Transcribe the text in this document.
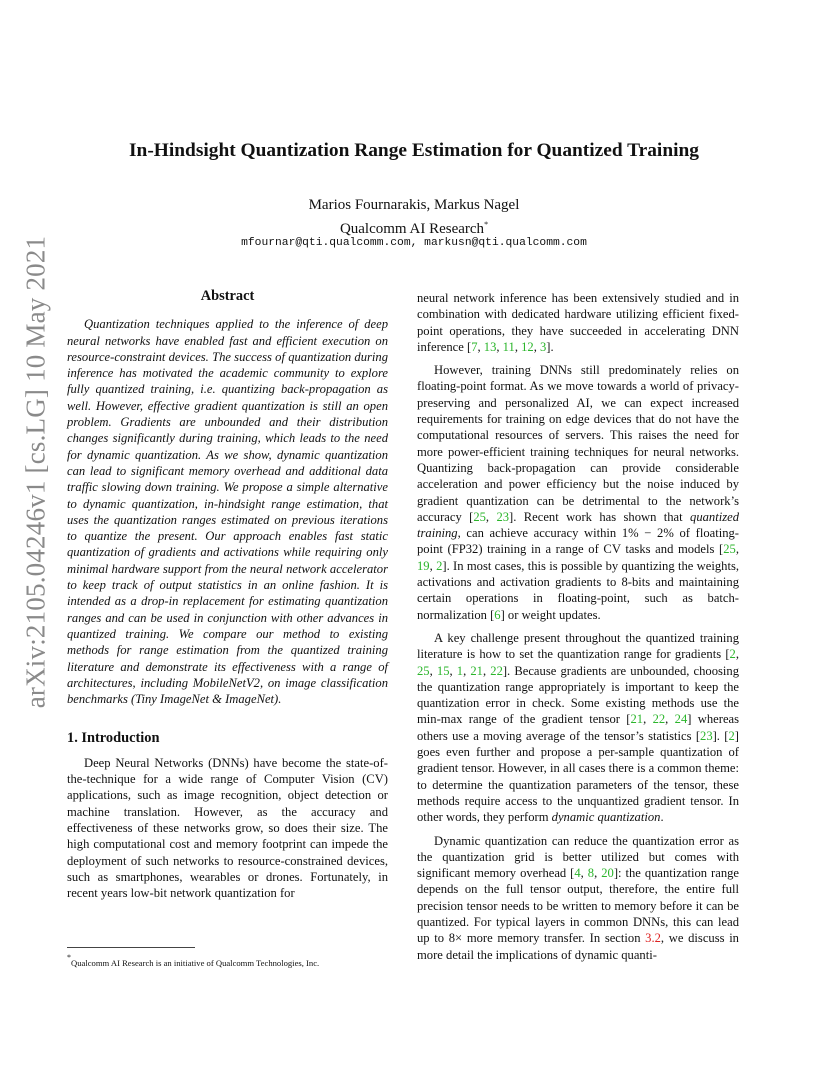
arXiv:2105.04246v1 [cs.LG] 10 May 2021
In-Hindsight Quantization Range Estimation for Quantized Training
Marios Fournarakis, Markus Nagel
Qualcomm AI Research*
mfournar@qti.qualcomm.com, markusn@qti.qualcomm.com
Abstract

Quantization techniques applied to the inference of deep neural networks have enabled fast and efficient execution on resource-constraint devices. The success of quantization during inference has motivated the academic community to explore fully quantized training, i.e. quantizing back-propagation as well. However, effective gradient quantization is still an open problem. Gradients are unbounded and their distribution changes significantly during training, which leads to the need for dynamic quantization. As we show, dynamic quantization can lead to significant memory overhead and additional data traffic slowing down training. We propose a simple alternative to dynamic quantization, in-hindsight range estimation, that uses the quantization ranges estimated on previous iterations to quantize the present. Our approach enables fast static quantization of gradients and activations while requiring only minimal hardware support from the neural network accelerator to keep track of output statistics in an online fashion. It is intended as a drop-in replacement for estimating quantization ranges and can be used in conjunction with other advances in quantized training. We compare our method to existing methods for range estimation from the quantized training literature and demonstrate its effectiveness with a range of architectures, including MobileNetV2, on image classification benchmarks (Tiny ImageNet & ImageNet).

1. Introduction

Deep Neural Networks (DNNs) have become the state-of-the-technique for a wide range of Computer Vision (CV) applications, such as image recognition, object detection or machine translation. However, as the accuracy and effectiveness of these networks grow, so does their size. The high computational cost and memory footprint can impede the deployment of such networks to resource-constrained devices, such as smartphones, wearables or drones. Fortunately, in recent years low-bit network quantization for

neural network inference has been extensively studied and in combination with dedicated hardware utilizing efficient fixed-point operations, they have succeeded in accelerating DNN inference [7, 13, 11, 12, 3].

However, training DNNs still predominately relies on floating-point format. As we move towards a world of privacy-preserving and personalized AI, we can expect increased requirements for training on edge devices that do not have the computational resources of servers. This raises the need for more power-efficient training techniques for neural networks. Quantizing back-propagation can provide considerable acceleration and power efficiency but the noise induced by gradient quantization can be detrimental to the network’s accuracy [25, 23]. Recent work has shown that quantized training, can achieve accuracy within 1% − 2% of floating-point (FP32) training in a range of CV tasks and models [25, 19, 2]. In most cases, this is possible by quantizing the weights, activations and activation gradients to 8-bits and maintaining certain operations in floating-point, such as batch-normalization [6] or weight updates.

A key challenge present throughout the quantized training literature is how to set the quantization range for gradients [2, 25, 15, 1, 21, 22]. Because gradients are unbounded, choosing the quantization range appropriately is important to keep the quantization error in check. Some existing methods use the min-max range of the gradient tensor [21, 22, 24] whereas others use a moving average of the tensor’s statistics [23]. [2] goes even further and propose a per-sample quantization of gradient tensor. However, in all cases there is a common theme: to determine the quantization parameters of the tensor, these methods require access to the unquantized gradient tensor. In other words, they perform dynamic quantization.

Dynamic quantization can reduce the quantization error as the quantization grid is better utilized but comes with significant memory overhead [4, 8, 20]: the quantization range depends on the full tensor output, therefore, the entire full precision tensor needs to be written to memory before it can be quantized. For typical layers in common DNNs, this can lead up to 8× more memory transfer. In section 3.2, we discuss in more detail the implications of dynamic quanti-

*Qualcomm AI Research is an initiative of Qualcomm Technologies, Inc.
